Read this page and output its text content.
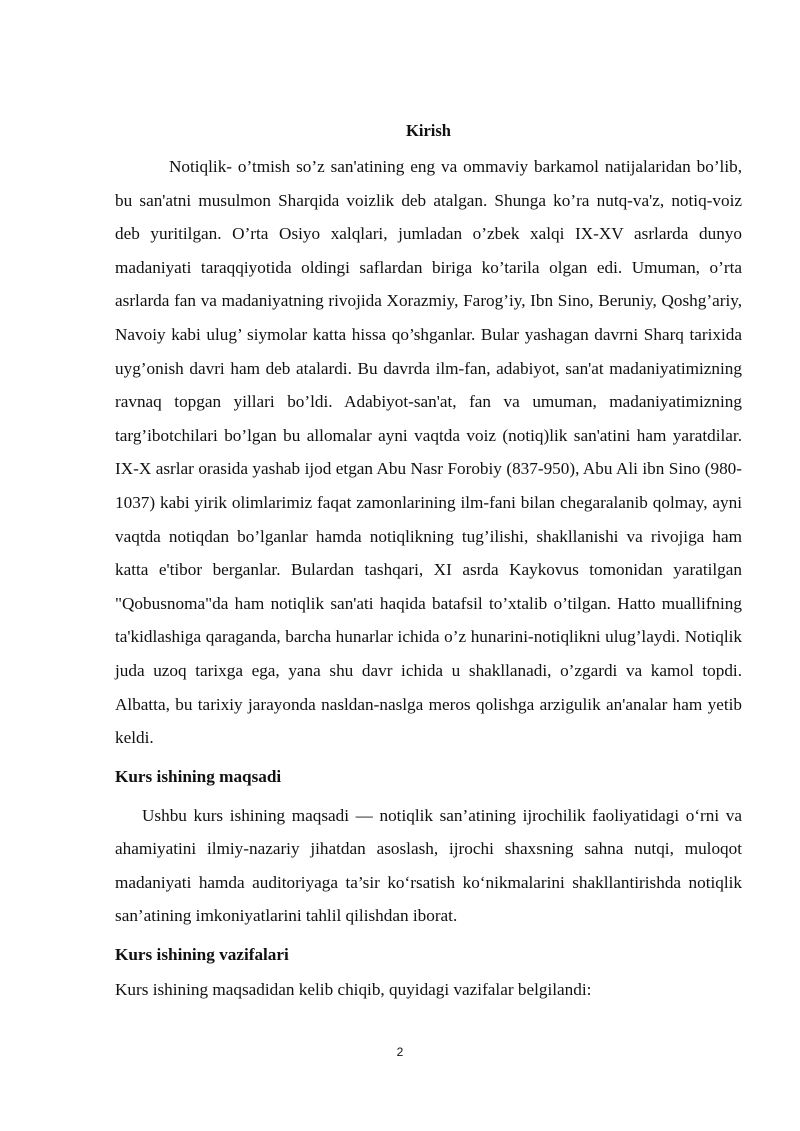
Kirish

Notiqlik- o’tmish so’z san'atining eng va ommaviy barkamol natijalaridan bo’lib, bu san'atni musulmon Sharqida voizlik deb atalgan. Shunga ko’ra nutq-va'z, notiq-voiz deb yuritilgan. O’rta Osiyo xalqlari, jumladan o’zbek xalqi IX-XV asrlarda dunyo madaniyati taraqqiyotida oldingi saflardan biriga ko’tarila olgan edi. Umuman, o’rta asrlarda fan va madaniyatning rivojida Xorazmiy, Farog’iy, Ibn Sino, Beruniy, Qoshg’ariy, Navoiy kabi ulug’ siymolar katta hissa qo’shganlar. Bular yashagan davrni Sharq tarixida uyg’onish davri ham deb atalardi. Bu davrda ilm-fan, adabiyot, san'at madaniyatimizning ravnaq topgan yillari bo’ldi. Adabiyot-san'at, fan va umuman, madaniyatimizning targ’ibotchilari bo’lgan bu allomalar ayni vaqtda voiz (notiq)lik san'atini ham yaratdilar. IX-X asrlar orasida yashab ijod etgan Abu Nasr Forobiy (837-950), Abu Ali ibn Sino (980-1037) kabi yirik olimlarimiz faqat zamonlarining ilm-fani bilan chegaralanib qolmay, ayni vaqtda notiqdan bo’lganlar hamda notiqlikning tug’ilishi, shakllanishi va rivojiga ham katta e'tibor berganlar. Bulardan tashqari, XI asrda Kaykovus tomonidan yaratilgan "Qobusnoma"da ham notiqlik san'ati haqida batafsil to’xtalib o’tilgan. Hatto muallifning ta'kidlashiga qaraganda, barcha hunarlar ichida o’z hunarini-notiqlikni ulug’laydi. Notiqlik juda uzoq tarixga ega, yana shu davr ichida u shakllanadi, o’zgardi va kamol topdi. Albatta, bu tarixiy jarayonda nasldan-naslga meros qolishga arzigulik an'analar ham yetib keldi.

Kurs ishining maqsadi

Ushbu kurs ishining maqsadi — notiqlik san’atining ijrochilik faoliyatidagi o‘rni va ahamiyatini ilmiy-nazariy jihatdan asoslash, ijrochi shaxsning sahna nutqi, muloqot madaniyati hamda auditoriyaga ta’sir ko‘rsatish ko‘nikmalarini shakllantirishda notiqlik san’atining imkoniyatlarini tahlil qilishdan iborat.

Kurs ishining vazifalari

Kurs ishining maqsadidan kelib chiqib, quyidagi vazifalar belgilandi:

2
